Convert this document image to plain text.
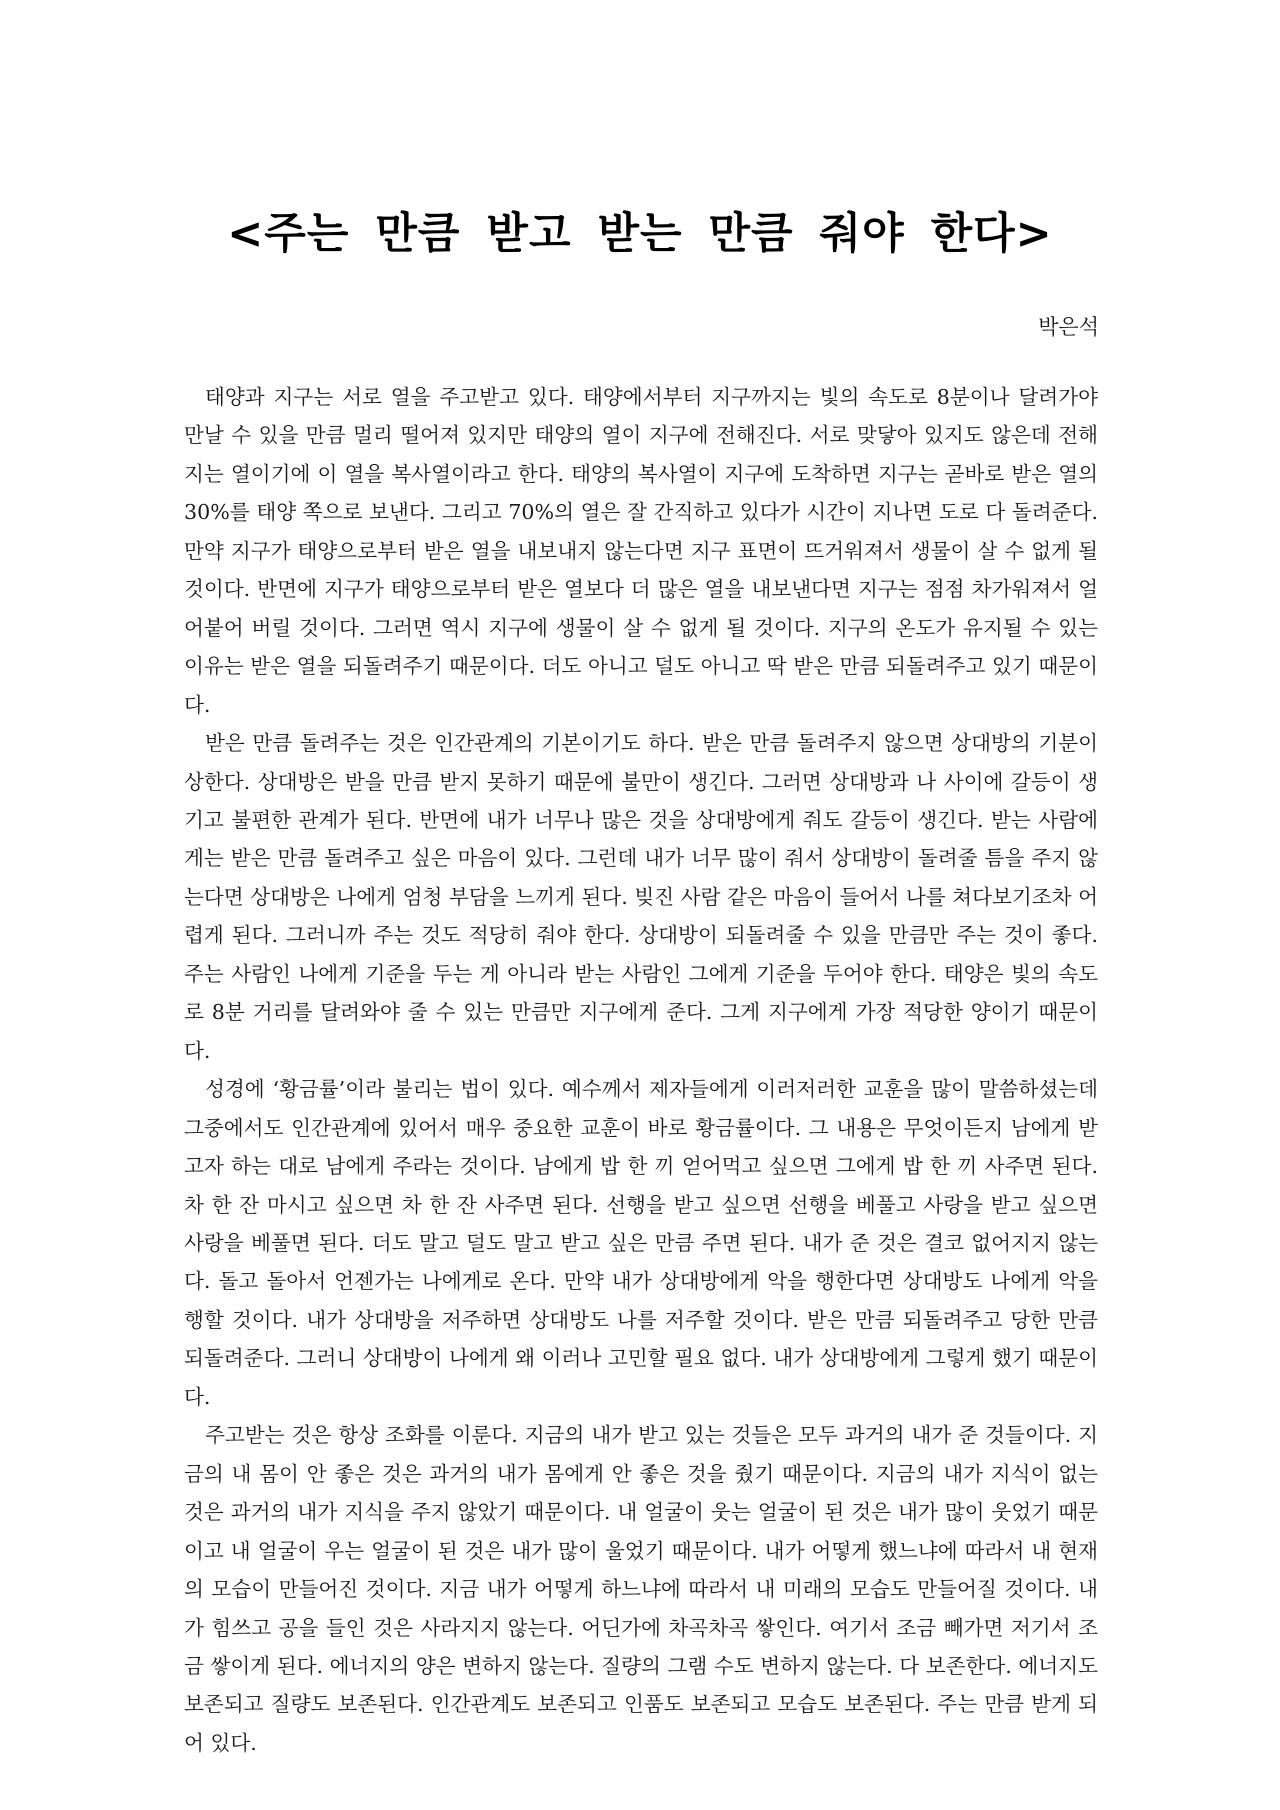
<주는 만큼 받고 받는 만큼 줘야 한다>
박은석

태양과 지구는 서로 열을 주고받고 있다. 태양에서부터 지구까지는 빛의 속도로 8분이나 달려가야 만날 수 있을 만큼 멀리 떨어져 있지만 태양의 열이 지구에 전해진다. 서로 맞닿아 있지도 않은데 전해지는 열이기에 이 열을 복사열이라고 한다. 태양의 복사열이 지구에 도착하면 지구는 곧바로 받은 열의 30%를 태양 쪽으로 보낸다. 그리고 70%의 열은 잘 간직하고 있다가 시간이 지나면 도로 다 돌려준다. 만약 지구가 태양으로부터 받은 열을 내보내지 않는다면 지구 표면이 뜨거워져서 생물이 살 수 없게 될 것이다. 반면에 지구가 태양으로부터 받은 열보다 더 많은 열을 내보낸다면 지구는 점점 차가워져서 얼어붙어 버릴 것이다. 그러면 역시 지구에 생물이 살 수 없게 될 것이다. 지구의 온도가 유지될 수 있는 이유는 받은 열을 되돌려주기 때문이다. 더도 아니고 덜도 아니고 딱 받은 만큼 되돌려주고 있기 때문이다.

받은 만큼 돌려주는 것은 인간관계의 기본이기도 하다. 받은 만큼 돌려주지 않으면 상대방의 기분이 상한다. 상대방은 받을 만큼 받지 못하기 때문에 불만이 생긴다. 그러면 상대방과 나 사이에 갈등이 생기고 불편한 관계가 된다. 반면에 내가 너무나 많은 것을 상대방에게 줘도 갈등이 생긴다. 받는 사람에게는 받은 만큼 돌려주고 싶은 마음이 있다. 그런데 내가 너무 많이 줘서 상대방이 돌려줄 틈을 주지 않는다면 상대방은 나에게 엄청 부담을 느끼게 된다. 빚진 사람 같은 마음이 들어서 나를 쳐다보기조차 어렵게 된다. 그러니까 주는 것도 적당히 줘야 한다. 상대방이 되돌려줄 수 있을 만큼만 주는 것이 좋다. 주는 사람인 나에게 기준을 두는 게 아니라 받는 사람인 그에게 기준을 두어야 한다. 태양은 빛의 속도로 8분 거리를 달려와야 줄 수 있는 만큼만 지구에게 준다. 그게 지구에게 가장 적당한 양이기 때문이다.

성경에 ‘황금률’이라 불리는 법이 있다. 예수께서 제자들에게 이러저러한 교훈을 많이 말씀하셨는데 그중에서도 인간관계에 있어서 매우 중요한 교훈이 바로 황금률이다. 그 내용은 무엇이든지 남에게 받고자 하는 대로 남에게 주라는 것이다. 남에게 밥 한 끼 얻어먹고 싶으면 그에게 밥 한 끼 사주면 된다. 차 한 잔 마시고 싶으면 차 한 잔 사주면 된다. 선행을 받고 싶으면 선행을 베풀고 사랑을 받고 싶으면 사랑을 베풀면 된다. 더도 말고 덜도 말고 받고 싶은 만큼 주면 된다. 내가 준 것은 결코 없어지지 않는다. 돌고 돌아서 언젠가는 나에게로 온다. 만약 내가 상대방에게 악을 행한다면 상대방도 나에게 악을 행할 것이다. 내가 상대방을 저주하면 상대방도 나를 저주할 것이다. 받은 만큼 되돌려주고 당한 만큼 되돌려준다. 그러니 상대방이 나에게 왜 이러나 고민할 필요 없다. 내가 상대방에게 그렇게 했기 때문이다.

주고받는 것은 항상 조화를 이룬다. 지금의 내가 받고 있는 것들은 모두 과거의 내가 준 것들이다. 지금의 내 몸이 안 좋은 것은 과거의 내가 몸에게 안 좋은 것을 줬기 때문이다. 지금의 내가 지식이 없는 것은 과거의 내가 지식을 주지 않았기 때문이다. 내 얼굴이 웃는 얼굴이 된 것은 내가 많이 웃었기 때문이고 내 얼굴이 우는 얼굴이 된 것은 내가 많이 울었기 때문이다. 내가 어떻게 했느냐에 따라서 내 현재의 모습이 만들어진 것이다. 지금 내가 어떻게 하느냐에 따라서 내 미래의 모습도 만들어질 것이다. 내가 힘쓰고 공을 들인 것은 사라지지 않는다. 어딘가에 차곡차곡 쌓인다. 여기서 조금 빼가면 저기서 조금 쌓이게 된다. 에너지의 양은 변하지 않는다. 질량의 그램 수도 변하지 않는다. 다 보존한다. 에너지도 보존되고 질량도 보존된다. 인간관계도 보존되고 인품도 보존되고 모습도 보존된다. 주는 만큼 받게 되어 있다.
